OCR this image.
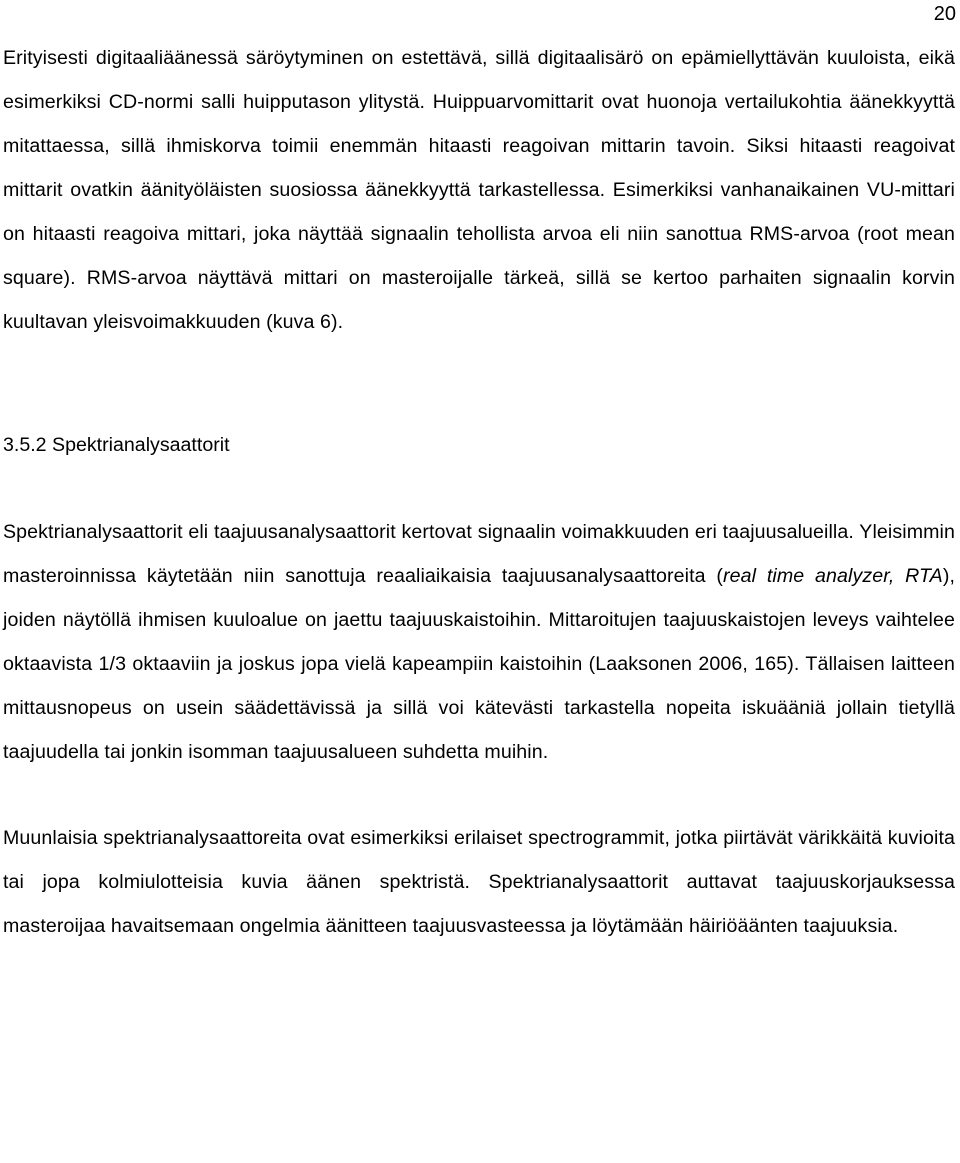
20

Erityisesti digitaaliäänessä säröytyminen on estettävä, sillä digitaalisärö on epämiellyttävän kuuloista, eikä esimerkiksi CD-normi salli huipputason ylitystä. Huippuarvomittarit ovat huonoja vertailukohtia äänekkyyttä mitattaessa, sillä ihmiskorva toimii enemmän hitaasti reagoivan mittarin tavoin. Siksi hitaasti reagoivat mittarit ovatkin äänityöläisten suosiossa äänekkyyttä tarkastellessa. Esimerkiksi vanhanaikainen VU-mittari on hitaasti reagoiva mittari, joka näyttää signaalin tehollista arvoa eli niin sanottua RMS-arvoa (root mean square). RMS-arvoa näyttävä mittari on masteroijalle tärkeä, sillä se kertoo parhaiten signaalin korvin kuultavan yleisvoimakkuuden (kuva 6).

3.5.2 Spektrianalysaattorit

Spektrianalysaattorit eli taajuusanalysaattorit kertovat signaalin voimakkuuden eri taajuusalueilla. Yleisimmin masteroinnissa käytetään niin sanottuja reaaliaikaisia taajuusanalysaattoreita (real time analyzer, RTA), joiden näytöllä ihmisen kuuloalue on jaettu taajuuskaistoihin. Mittaroitujen taajuuskaistojen leveys vaihtelee oktaavista 1/3 oktaaviin ja joskus jopa vielä kapeampiin kaistoihin (Laaksonen 2006, 165). Tällaisen laitteen mittausnopeus on usein säädettävissä ja sillä voi kätevästi tarkastella nopeita iskuääniä jollain tietyllä taajuudella tai jonkin isomman taajuusalueen suhdetta muihin.

Muunlaisia spektrianalysaattoreita ovat esimerkiksi erilaiset spectrogrammit, jotka piirtävät värikkäitä kuvioita tai jopa kolmiulotteisia kuvia äänen spektristä. Spektrianalysaattorit auttavat taajuuskorjauksessa masteroijaa havaitsemaan ongelmia äänitteen taajuusvasteessa ja löytämään häiriöäänten taajuuksia.
